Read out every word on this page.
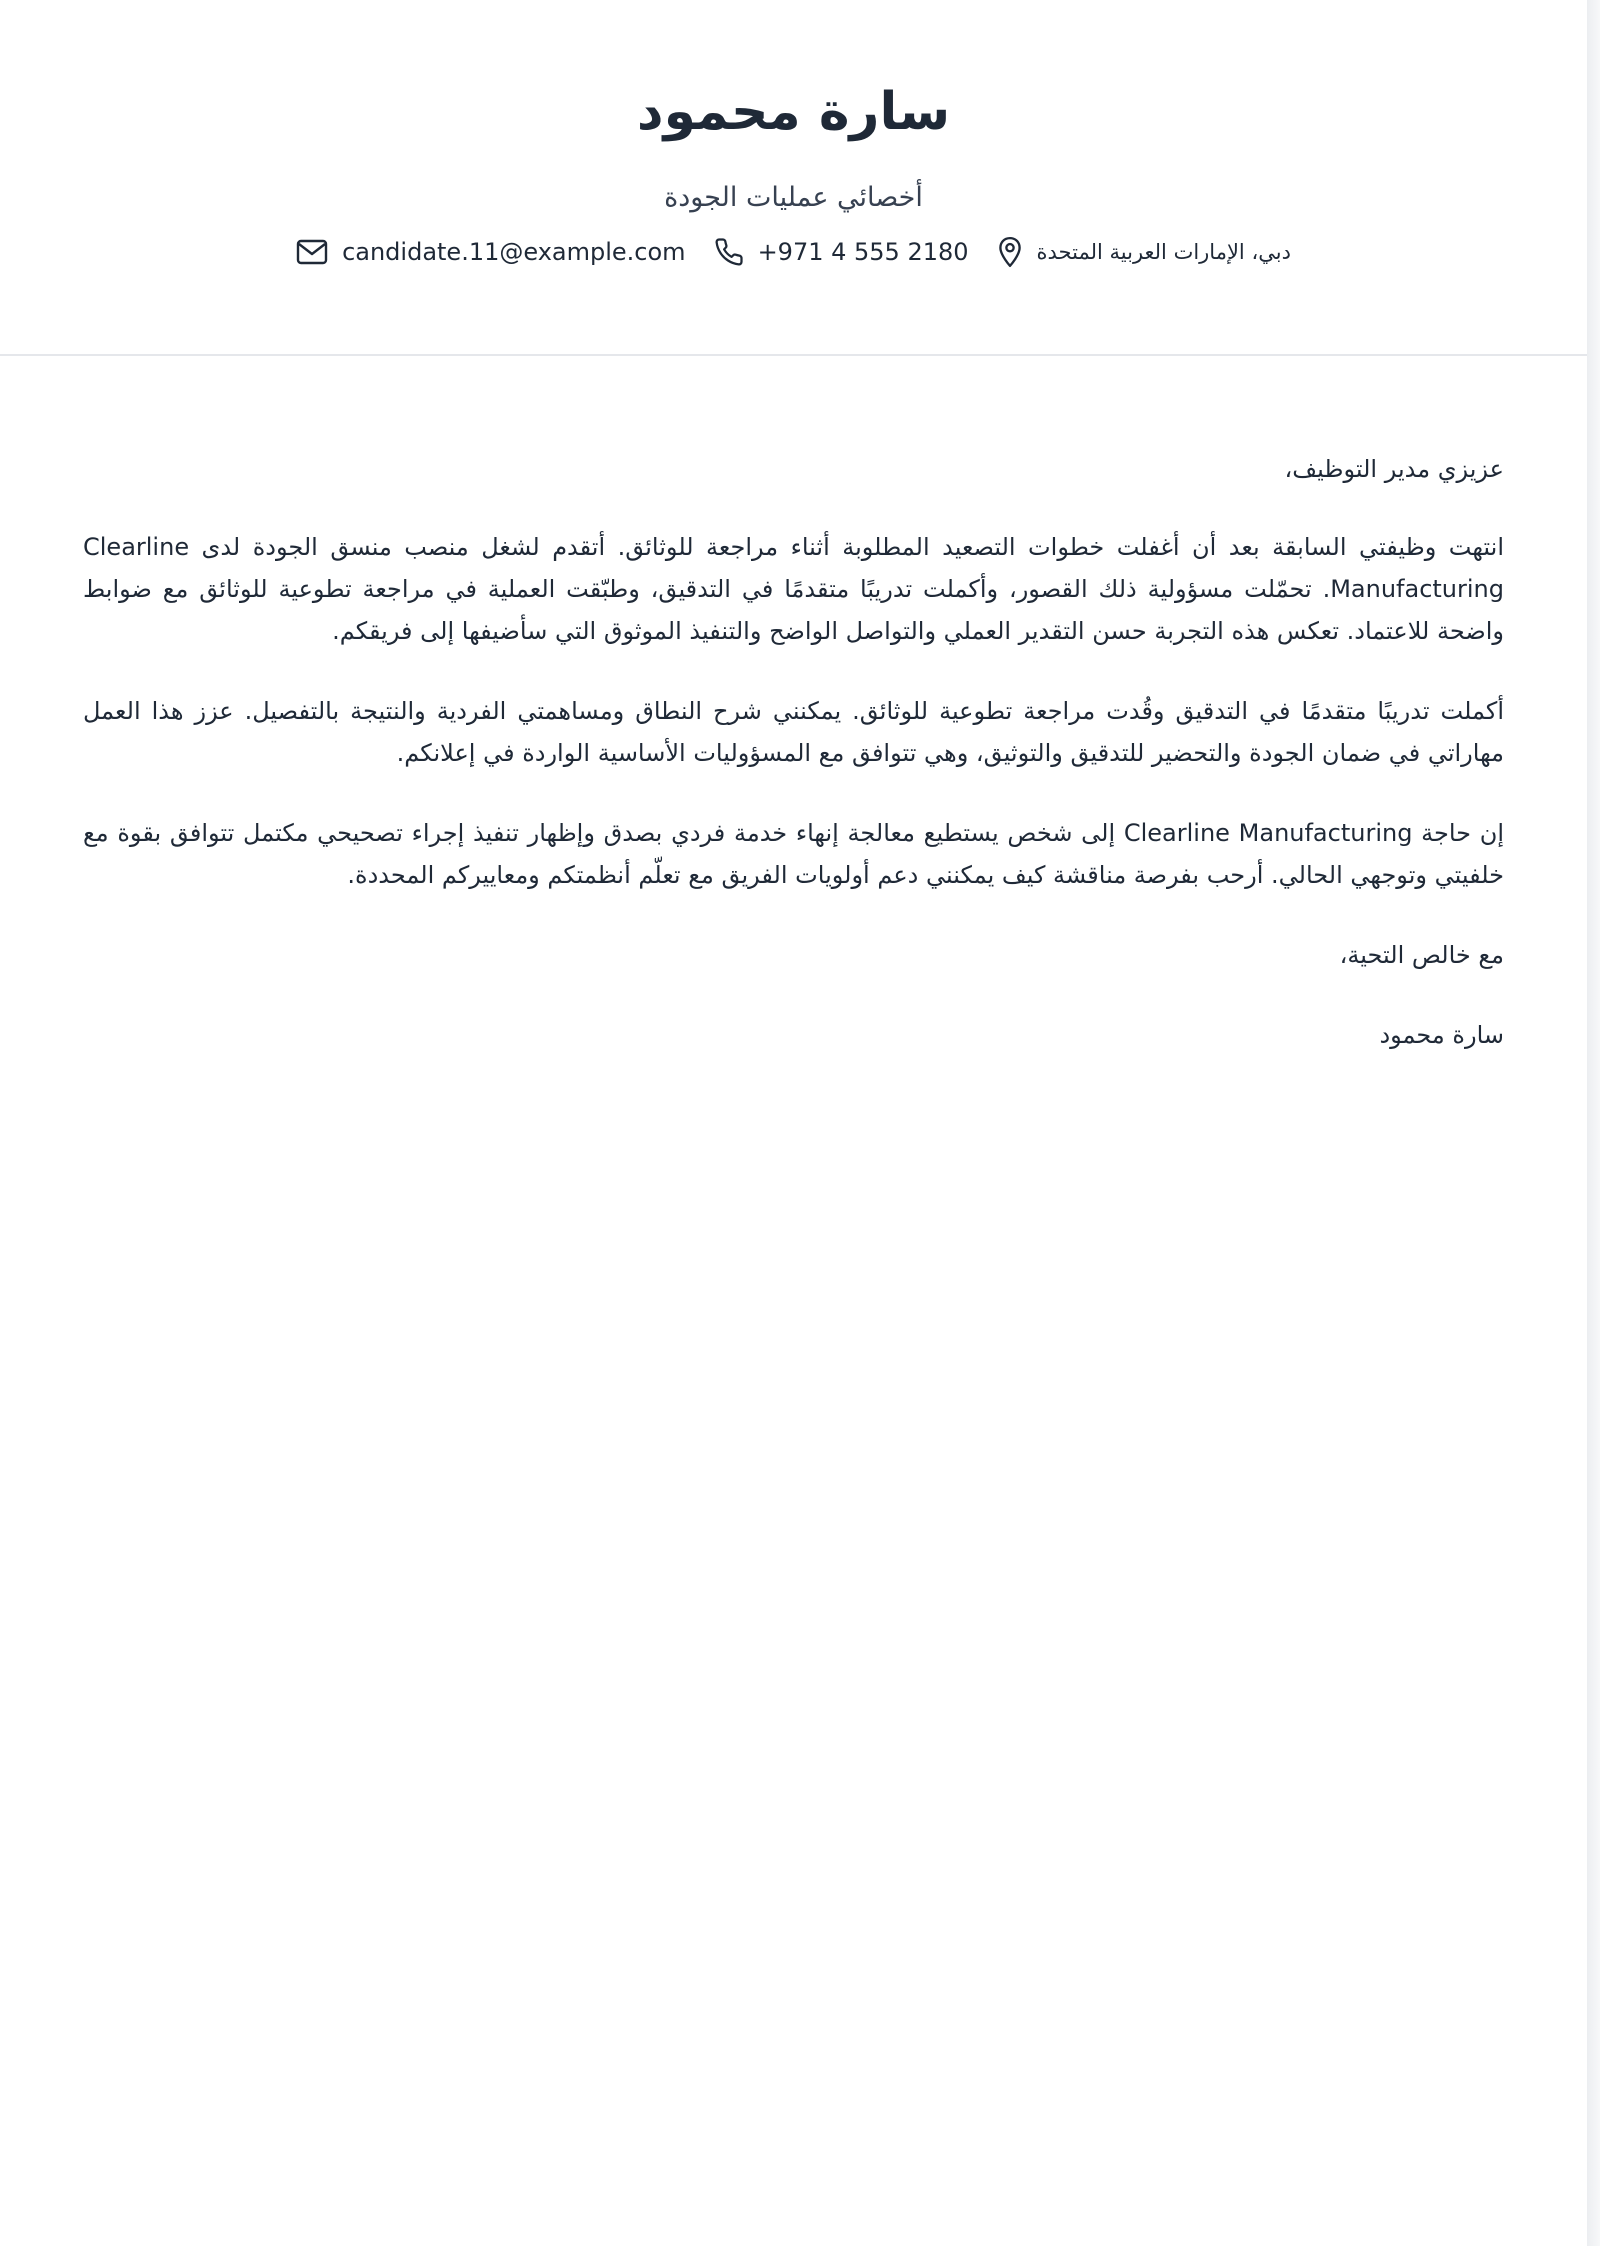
سارة محمود
أخصائي عمليات الجودة
candidate.11@example.com	+971 4 555 2180	دبي، الإمارات العربية المتحدة

عزيزي مدير التوظيف،

انتهت وظيفتي السابقة بعد أن أغفلت خطوات التصعيد المطلوبة أثناء مراجعة للوثائق. أتقدم لشغل منصب منسق الجودة لدى Clearline Manufacturing. تحمّلت مسؤولية ذلك القصور، وأكملت تدريبًا متقدمًا في التدقيق، وطبّقت العملية في مراجعة تطوعية للوثائق مع ضوابط واضحة للاعتماد. تعكس هذه التجربة حسن التقدير العملي والتواصل الواضح والتنفيذ الموثوق التي سأضيفها إلى فريقكم.

أكملت تدريبًا متقدمًا في التدقيق وقُدت مراجعة تطوعية للوثائق. يمكنني شرح النطاق ومساهمتي الفردية والنتيجة بالتفصيل. عزز هذا العمل مهاراتي في ضمان الجودة والتحضير للتدقيق والتوثيق، وهي تتوافق مع المسؤوليات الأساسية الواردة في إعلانكم.

إن حاجة Clearline Manufacturing إلى شخص يستطيع معالجة إنهاء خدمة فردي بصدق وإظهار تنفيذ إجراء تصحيحي مكتمل تتوافق بقوة مع خلفيتي وتوجهي الحالي. أرحب بفرصة مناقشة كيف يمكنني دعم أولويات الفريق مع تعلّم أنظمتكم ومعاييركم المحددة.

مع خالص التحية،

سارة محمود
